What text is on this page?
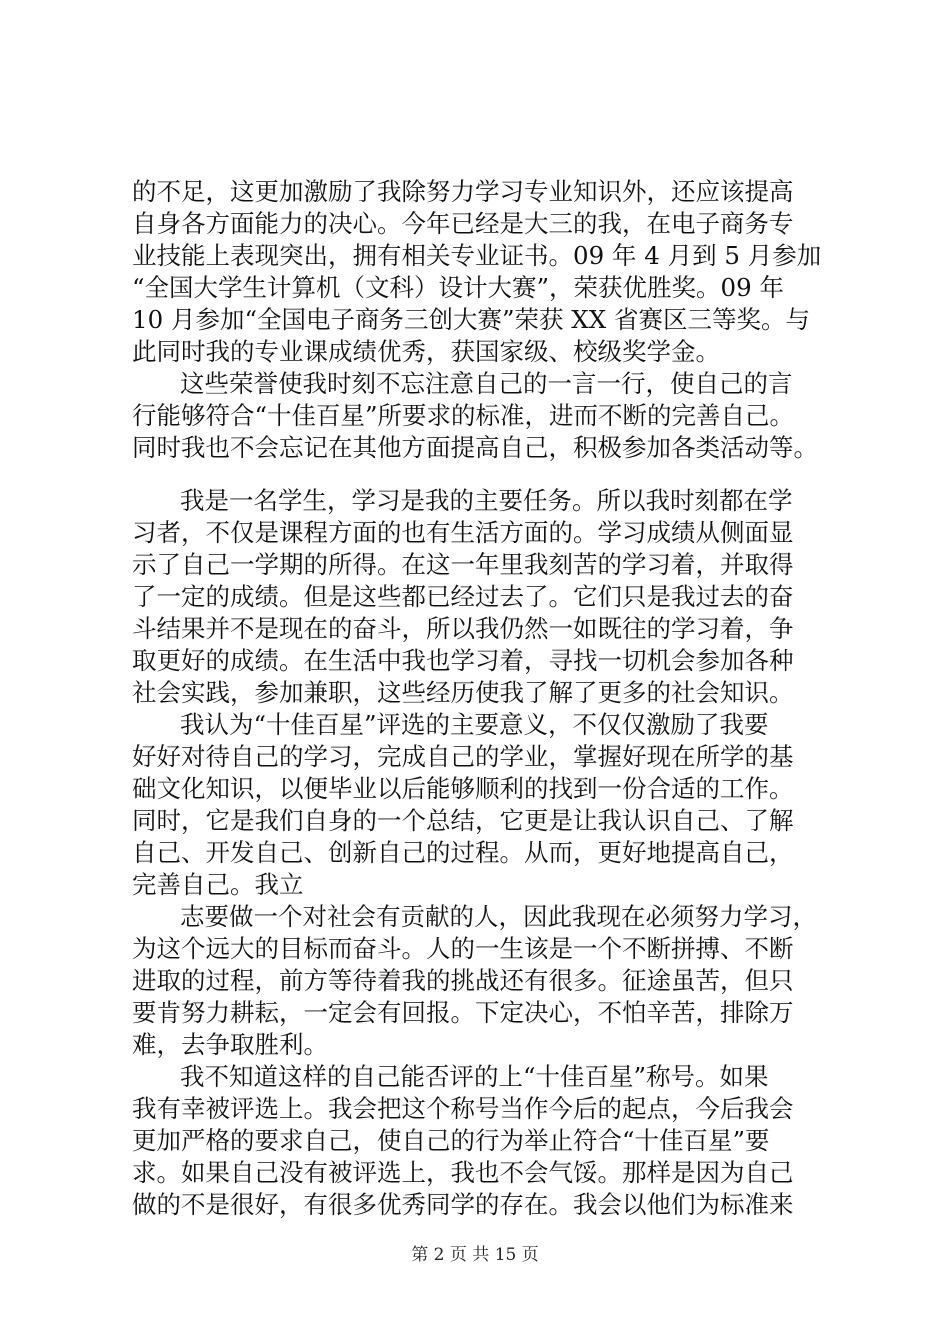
的不足，这更加激励了我除努力学习专业知识外，还应该提高
自身各方面能力的决心。今年已经是大三的我，在电子商务专
业技能上表现突出，拥有相关专业证书。09 年 4 月到 5 月参加
“全国大学生计算机（文科）设计大赛”，荣获优胜奖。09 年
10 月参加“全国电子商务三创大赛”荣获 XX 省赛区三等奖。与
此同时我的专业课成绩优秀，获国家级、校级奖学金。
这些荣誉使我时刻不忘注意自己的一言一行，使自己的言
行能够符合“十佳百星”所要求的标准，进而不断的完善自己。
同时我也不会忘记在其他方面提高自己，积极参加各类活动等。
我是一名学生，学习是我的主要任务。所以我时刻都在学
习者，不仅是课程方面的也有生活方面的。学习成绩从侧面显
示了自己一学期的所得。在这一年里我刻苦的学习着，并取得
了一定的成绩。但是这些都已经过去了。它们只是我过去的奋
斗结果并不是现在的奋斗，所以我仍然一如既往的学习着，争
取更好的成绩。在生活中我也学习着，寻找一切机会参加各种
社会实践，参加兼职，这些经历使我了解了更多的社会知识。
我认为“十佳百星”评选的主要意义，不仅仅激励了我要
好好对待自己的学习，完成自己的学业，掌握好现在所学的基
础文化知识，以便毕业以后能够顺利的找到一份合适的工作。
同时，它是我们自身的一个总结，它更是让我认识自己、了解
自己、开发自己、创新自己的过程。从而，更好地提高自己，
完善自己。我立
志要做一个对社会有贡献的人，因此我现在必须努力学习，
为这个远大的目标而奋斗。人的一生该是一个不断拼搏、不断
进取的过程，前方等待着我的挑战还有很多。征途虽苦，但只
要肯努力耕耘，一定会有回报。下定决心，不怕辛苦，排除万
难，去争取胜利。
我不知道这样的自己能否评的上“十佳百星”称号。如果
我有幸被评选上。我会把这个称号当作今后的起点，今后我会
更加严格的要求自己，使自己的行为举止符合“十佳百星”要
求。如果自己没有被评选上，我也不会气馁。那样是因为自己
做的不是很好，有很多优秀同学的存在。我会以他们为标准来
第 2 页 共 15 页
